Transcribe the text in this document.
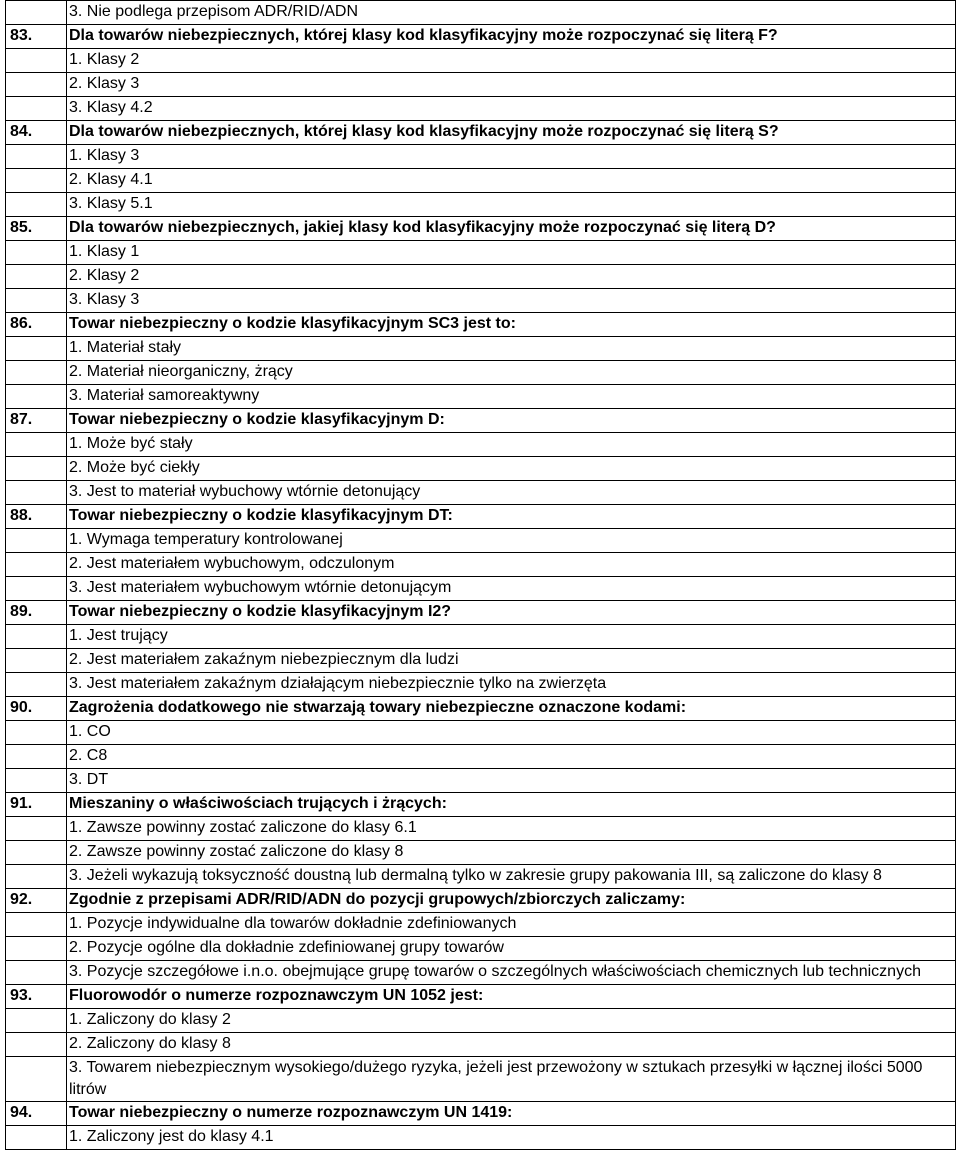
	3. Nie podlega przepisom ADR/RID/ADN
83.	Dla towarów niebezpiecznych, której klasy kod klasyfikacyjny może rozpoczynać się literą F?
	1. Klasy 2
	2. Klasy 3
	3. Klasy 4.2
84.	Dla towarów niebezpiecznych, której klasy kod klasyfikacyjny może rozpoczynać się literą S?
	1. Klasy 3
	2. Klasy 4.1
	3. Klasy 5.1
85.	Dla towarów niebezpiecznych, jakiej klasy kod klasyfikacyjny może rozpoczynać się literą D?
	1. Klasy 1
	2. Klasy 2
	3. Klasy 3
86.	Towar niebezpieczny o kodzie klasyfikacyjnym SC3 jest to:
	1. Materiał stały
	2. Materiał nieorganiczny, żrący
	3. Materiał samoreaktywny
87.	Towar niebezpieczny o kodzie klasyfikacyjnym D:
	1. Może być stały
	2. Może być ciekły
	3. Jest to materiał wybuchowy wtórnie detonujący
88.	Towar niebezpieczny o kodzie klasyfikacyjnym DT:
	1. Wymaga temperatury kontrolowanej
	2. Jest materiałem wybuchowym, odczulonym
	3. Jest materiałem wybuchowym wtórnie detonującym
89.	Towar niebezpieczny o kodzie klasyfikacyjnym I2?
	1. Jest trujący
	2. Jest materiałem zakaźnym niebezpiecznym dla ludzi
	3. Jest materiałem zakaźnym działającym niebezpiecznie tylko na zwierzęta
90.	Zagrożenia dodatkowego nie stwarzają towary niebezpieczne oznaczone kodami:
	1. CO
	2. C8
	3. DT
91.	Mieszaniny o właściwościach trujących i żrących:
	1. Zawsze powinny zostać zaliczone do klasy 6.1
	2. Zawsze powinny zostać zaliczone do klasy 8
	3. Jeżeli wykazują toksyczność doustną lub dermalną tylko w zakresie grupy pakowania III, są zaliczone do klasy 8
92.	Zgodnie z przepisami ADR/RID/ADN do pozycji grupowych/zbiorczych zaliczamy:
	1. Pozycje indywidualne dla towarów dokładnie zdefiniowanych
	2. Pozycje ogólne dla dokładnie zdefiniowanej grupy towarów
	3. Pozycje szczegółowe i.n.o. obejmujące grupę towarów o szczególnych właściwościach chemicznych lub technicznych
93.	Fluorowodór o numerze rozpoznawczym UN 1052 jest:
	1. Zaliczony do klasy 2
	2. Zaliczony do klasy 8
	3. Towarem niebezpiecznym wysokiego/dużego ryzyka, jeżeli jest przewożony w sztukach przesyłki w łącznej ilości 5000 litrów
94.	Towar niebezpieczny o numerze rozpoznawczym UN 1419:
	1. Zaliczony jest do klasy 4.1
